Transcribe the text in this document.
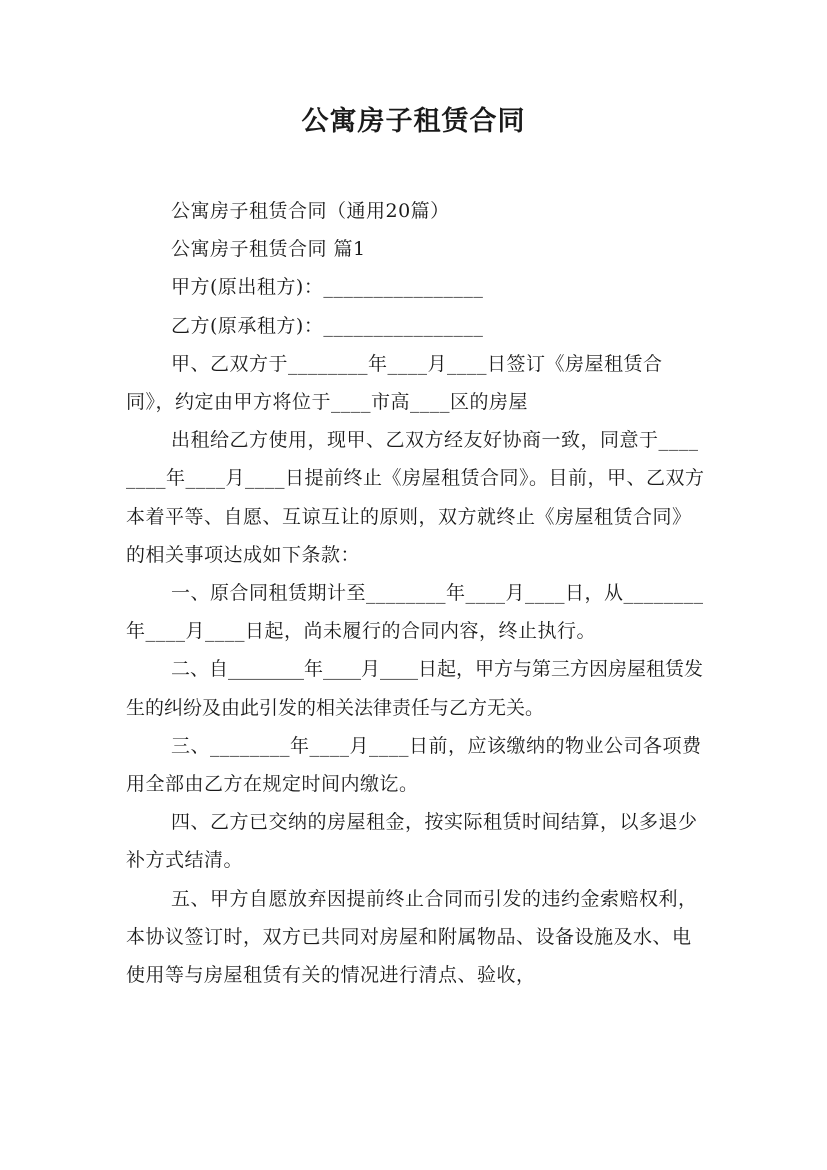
公寓房子租赁合同

公寓房子租赁合同（通用20篇）

公寓房子租赁合同 篇1

甲方(原出租方)：________________

乙方(原承租方)：________________

甲、乙双方于________年____月____日签订《房屋租赁合同》，约定由甲方将位于____市高____区的房屋

出租给乙方使用，现甲、乙双方经友好协商一致，同意于________年____月____日提前终止《房屋租赁合同》。目前，甲、乙双方本着平等、自愿、互谅互让的原则，双方就终止《房屋租赁合同》的相关事项达成如下条款：

一、原合同租赁期计至________年____月____日，从________年____月____日起，尚未履行的合同内容，终止执行。

二、自________年____月____日起，甲方与第三方因房屋租赁发生的纠纷及由此引发的相关法律责任与乙方无关。

三、________年____月____日前，应该缴纳的物业公司各项费用全部由乙方在规定时间内缴讫。

四、乙方已交纳的房屋租金，按实际租赁时间结算，以多退少补方式结清。

五、甲方自愿放弃因提前终止合同而引发的违约金索赔权利，本协议签订时，双方已共同对房屋和附属物品、设备设施及水、电使用等与房屋租赁有关的情况进行清点、验收，
